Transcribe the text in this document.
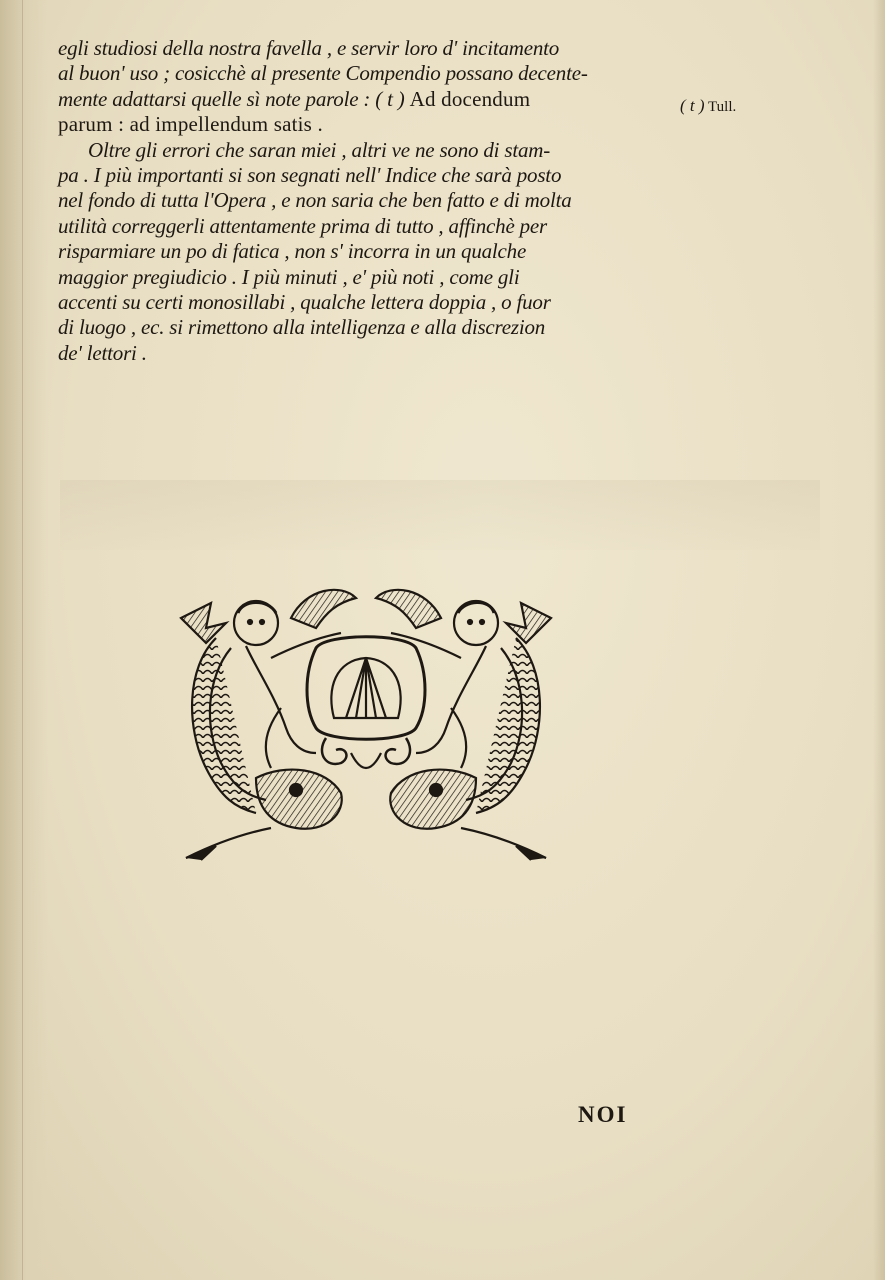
egli studiosi della nostra favella , e servir loro d' incitamento
al buon' uso ; cosicchè al presente Compendio possano decente-
mente adattarsi quelle sì note parole : ( t ) Ad docendum
parum : ad impellendum satis .
Oltre gli errori che saran miei , altri ve ne sono di stam-
pa . I più importanti si son segnati nell' Indice che sarà posto
nel fondo di tutta l'Opera , e non saria che ben fatto e di molta
utilità correggerli attentamente prima di tutto , affinchè per
risparmiare un po di fatica , non s' incorra in un qualche
maggior pregiudicio . I più minuti , e' più noti , come gli
accenti su certi monosillabi , qualche lettera doppia , o fuor
di luogo , ec. si rimettono alla intelligenza e alla discrezion
de' lettori .
( t ) Tull.
NOI
